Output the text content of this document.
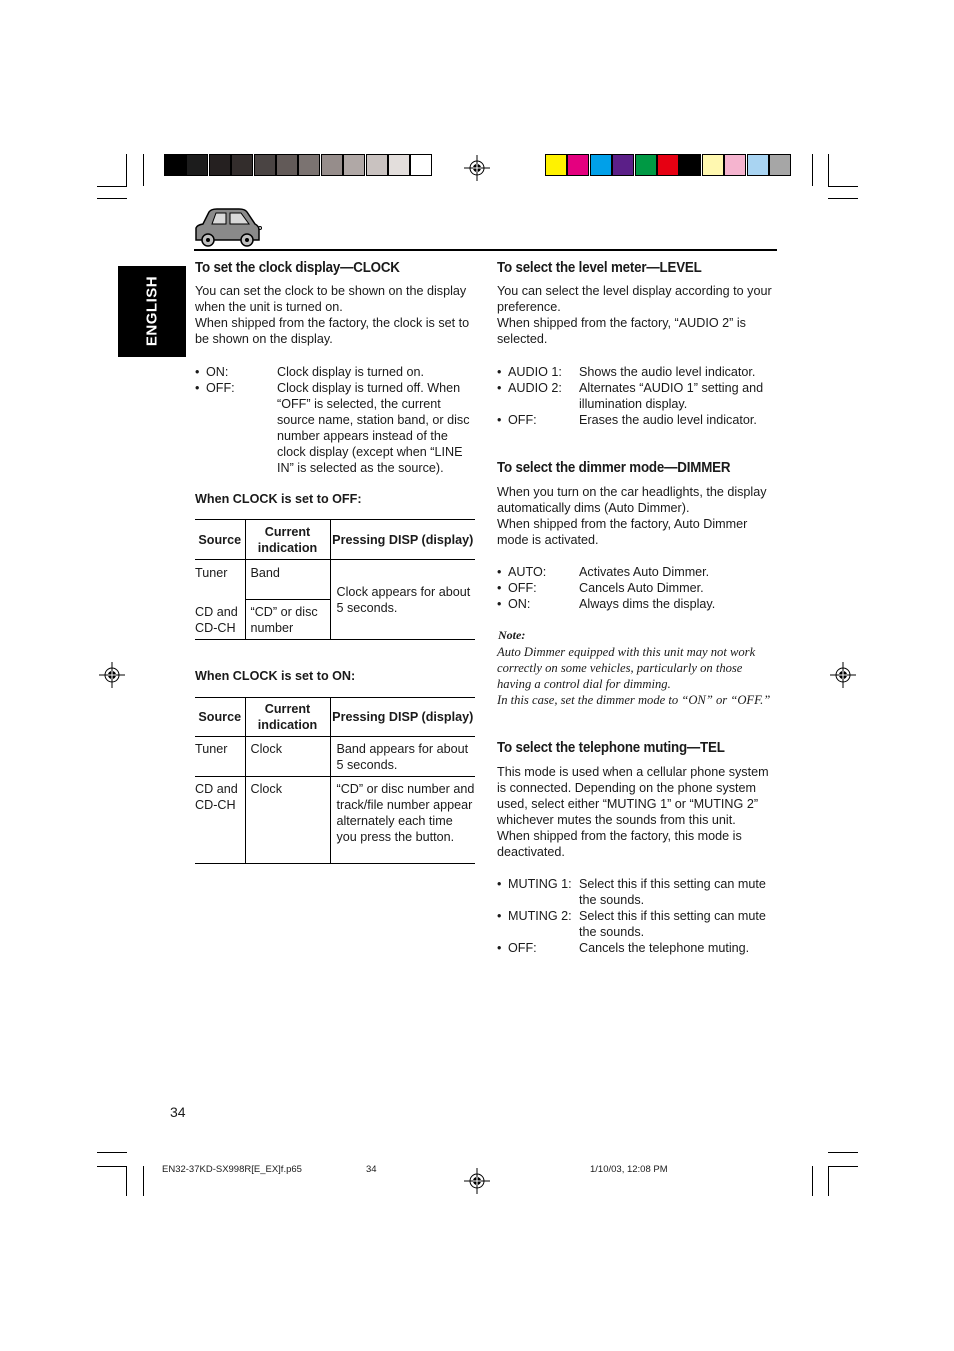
ENGLISH
To set the clock display—CLOCK
You can set the clock to be shown on the display
when the unit is turned on.
When shipped from the factory, the clock is set to
be shown on the display.
• ON:	Clock display is turned on.
• OFF:	Clock display is turned off. When
“OFF” is selected, the current
source name, station band, or disc
number appears instead of the
clock display (except when “LINE
IN” is selected as the source).
When CLOCK is set to OFF:
Source	Current indication	Pressing DISP (display)
Tuner	Band	Clock appears for about 5 seconds.
CD and CD-CH	“CD” or disc number	
When CLOCK is set to ON:
Source	Current indication	Pressing DISP (display)
Tuner	Clock	Band appears for about 5 seconds.
CD and CD-CH	Clock	“CD” or disc number and track/file number appear alternately each time you press the button.
To select the level meter—LEVEL
You can select the level display according to your
preference.
When shipped from the factory, “AUDIO 2” is
selected.
• AUDIO 1: Shows the audio level indicator.
• AUDIO 2: Alternates “AUDIO 1” setting and
illumination display.
• OFF:	Erases the audio level indicator.
To select the dimmer mode—DIMMER
When you turn on the car headlights, the display
automatically dims (Auto Dimmer).
When shipped from the factory, Auto Dimmer
mode is activated.
• AUTO:	Activates Auto Dimmer.
• OFF:	Cancels Auto Dimmer.
• ON:	Always dims the display.
Note:
Auto Dimmer equipped with this unit may not work
correctly on some vehicles, particularly on those
having a control dial for dimming.
In this case, set the dimmer mode to “ON” or “OFF.”
To select the telephone muting—TEL
This mode is used when a cellular phone system
is connected. Depending on the phone system
used, select either “MUTING 1” or “MUTING 2”
whichever mutes the sounds from this unit.
When shipped from the factory, this mode is
deactivated.
• MUTING 1: Select this if this setting can mute
the sounds.
• MUTING 2: Select this if this setting can mute
the sounds.
• OFF:	Cancels the telephone muting.
34
EN32-37KD-SX998R[E_EX]f.p65	34	1/10/03, 12:08 PM
